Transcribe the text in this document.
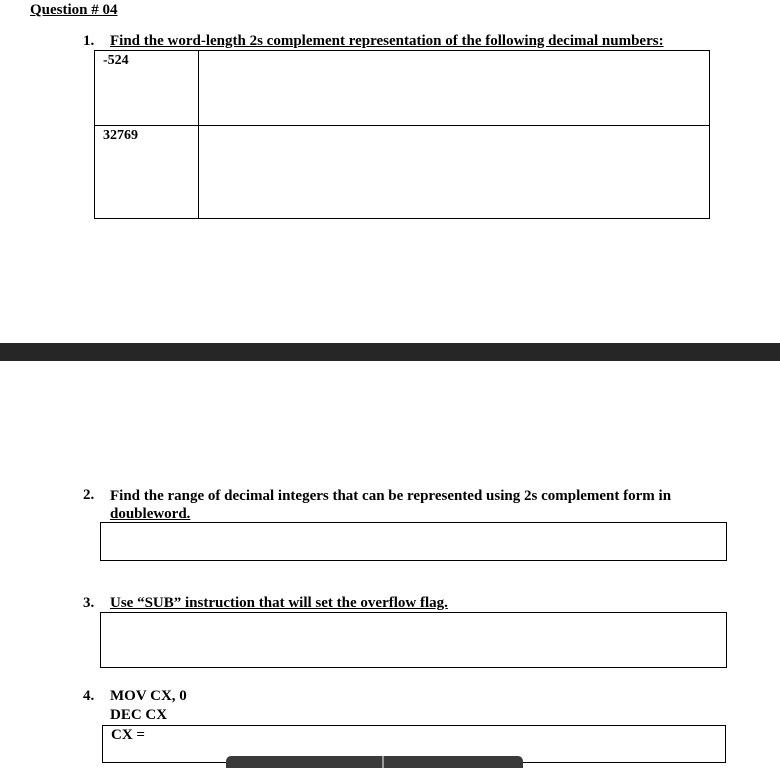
Question # 04
1. Find the word-length 2s complement representation of the following decimal numbers:
-524	
32769	
2. Find the range of decimal integers that can be represented using 2s complement form in
doubleword.
3. Use “SUB” instruction that will set the overflow flag.
4. MOV CX, 0
DEC CX
CX =
